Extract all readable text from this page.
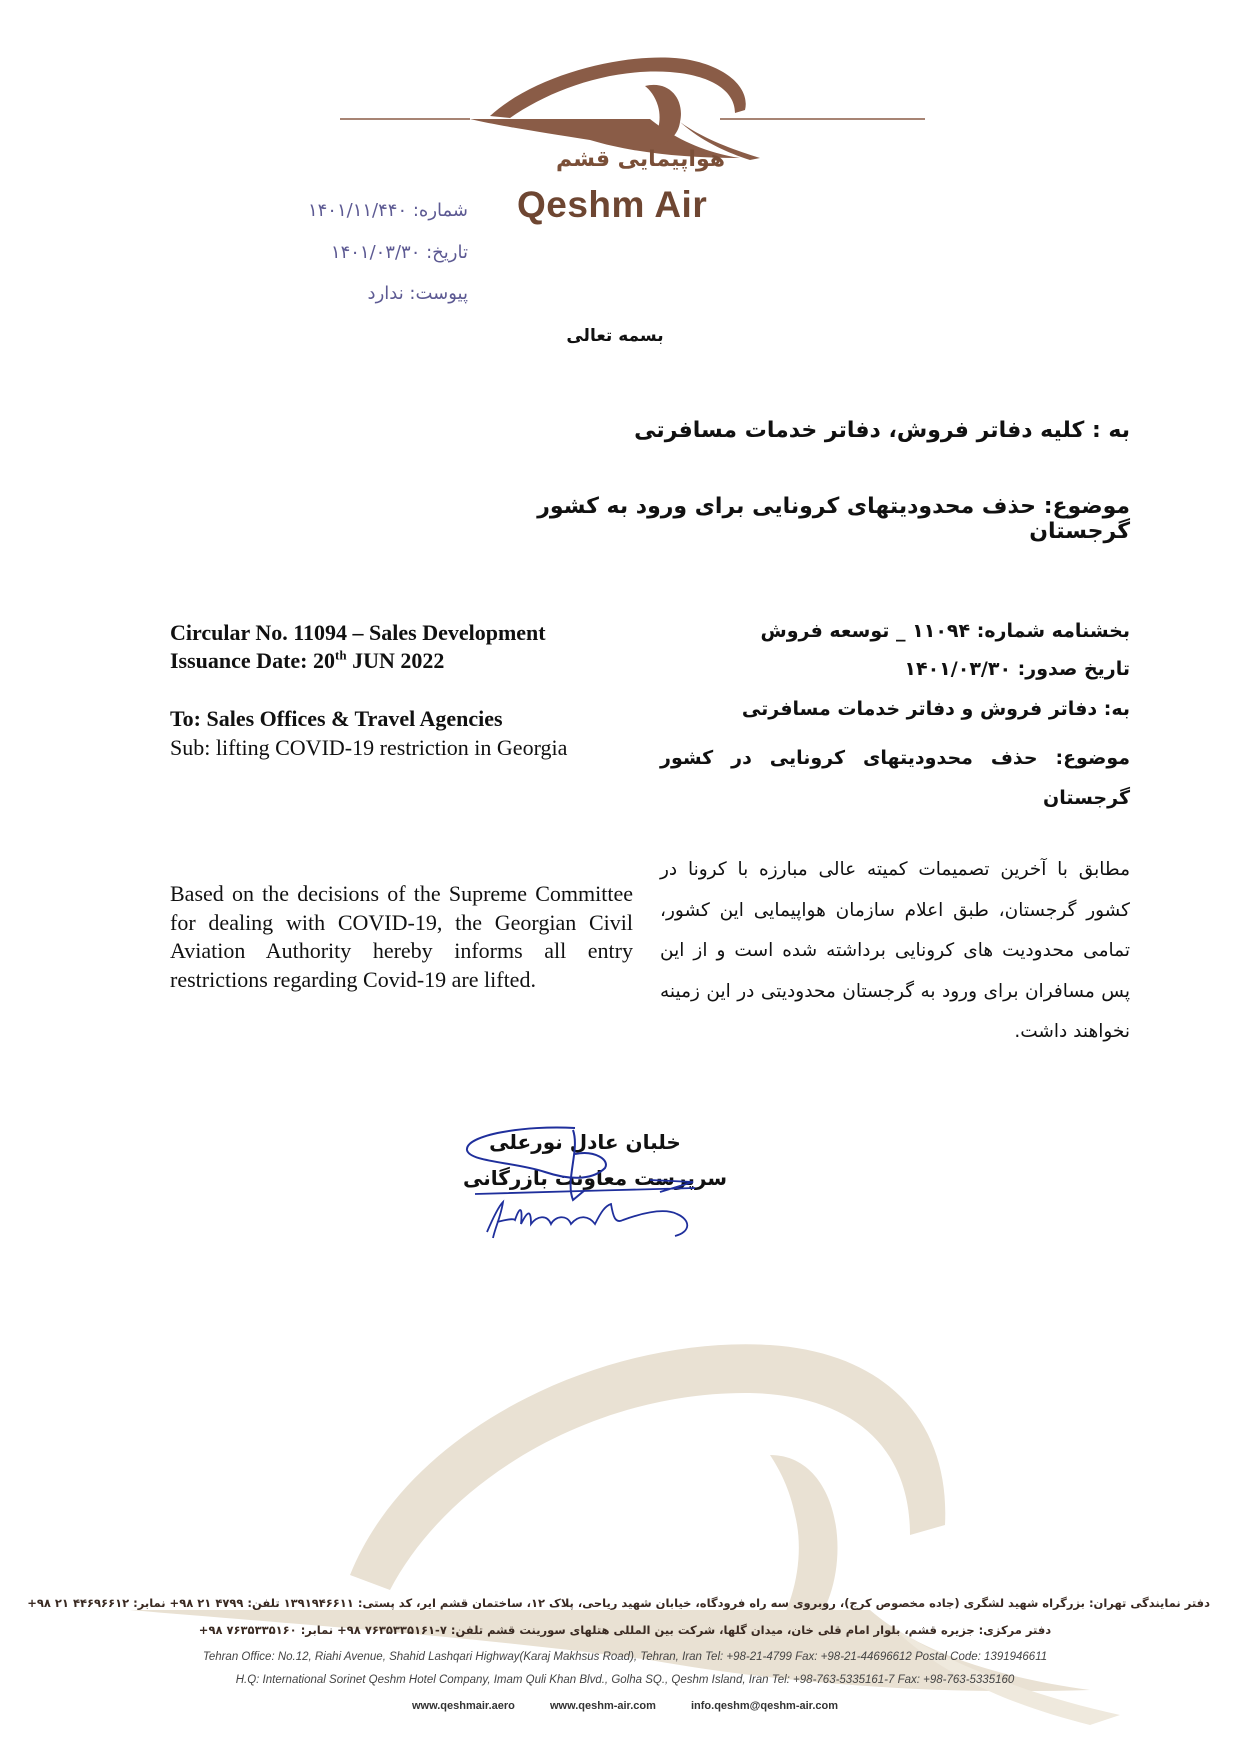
هواپیمایی قشم
Qeshm Air
شماره: ۱۴۰۱/۱۱/۴۴۰
تاریخ: ۱۴۰۱/۰۳/۳۰
پیوست: ندارد
بسمه تعالی
به : کلیه دفاتر فروش، دفاتر خدمات مسافرتی
موضوع: حذف محدودیتهای کرونایی برای ورود به کشور گرجستان
Circular No. 11094 – Sales Development
Issuance Date: 20th JUN 2022
To: Sales Offices & Travel Agencies
Sub: lifting COVID-19 restriction in Georgia
Based on the decisions of the Supreme Committee for dealing with COVID-19, the Georgian Civil Aviation Authority hereby informs all entry restrictions regarding Covid-19 are lifted.
بخشنامه شماره: ۱۱۰۹۴ _ توسعه فروش
تاریخ صدور: ۱۴۰۱/۰۳/۳۰
به: دفاتر فروش و دفاتر خدمات مسافرتی
موضوع: حذف محدودیتهای کرونایی در کشور گرجستان
مطابق با آخرین تصمیمات کمیته عالی مبارزه با کرونا در کشور گرجستان، طبق اعلام سازمان هواپیمایی این کشور، تمامی محدودیت های کرونایی برداشته شده است و از این پس مسافران برای ورود به گرجستان محدودیتی در این زمینه نخواهند داشت.
خلبان عادل نورعلی
سرپرست معاونت بازرگانی
دفتر نمایندگی تهران: بزرگراه شهید لشگری (جاده مخصوص کرج)، روبروی سه راه فرودگاه، خیابان شهید ریاحی، پلاک ۱۲، ساختمان قشم ایر، کد پستی: ۱۳۹۱۹۴۶۶۱۱ تلفن: ۴۷۹۹ ۲۱ ۹۸+ نمابر: ۴۴۶۹۶۶۱۲ ۲۱ ۹۸+
دفتر مرکزی: جزیره قشم، بلوار امام قلی خان، میدان گلها، شرکت بین المللی هتلهای سورینت قشم تلفن: ۷-۷۶۳۵۳۳۵۱۶۱ ۹۸+ نمابر: ۷۶۳۵۳۳۵۱۶۰ ۹۸+
Tehran Office: No.12, Riahi Avenue, Shahid Lashqari Highway(Karaj Makhsus Road), Tehran, Iran Tel: +98-21-4799 Fax: +98-21-44696612 Postal Code: 1391946611
H.Q: International Sorinet Qeshm Hotel Company, Imam Quli Khan Blvd., Golha SQ., Qeshm Island, Iran Tel: +98-763-5335161-7 Fax: +98-763-5335160
www.qeshmair.aero	www.qeshm-air.com	info.qeshm@qeshm-air.com
